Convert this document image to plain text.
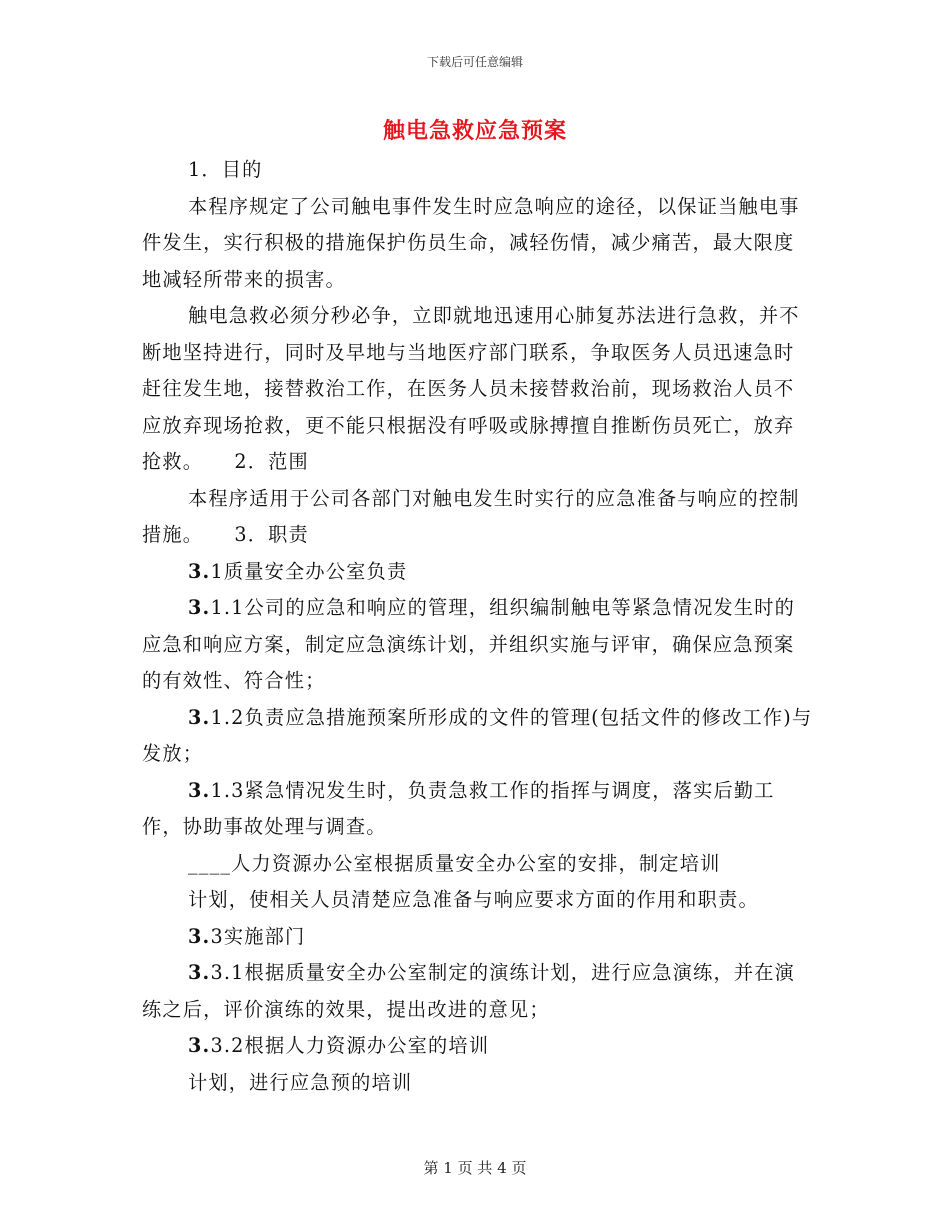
下载后可任意编辑
触电急救应急预案

1．目的

本程序规定了公司触电事件发生时应急响应的途径，以保证当触电事件发生，实行积极的措施保护伤员生命，减轻伤情，减少痛苦，最大限度地减轻所带来的损害。

触电急救必须分秒必争，立即就地迅速用心肺复苏法进行急救，并不断地坚持进行，同时及早地与当地医疗部门联系，争取医务人员迅速急时赶往发生地，接替救治工作，在医务人员未接替救治前，现场救治人员不应放弃现场抢救，更不能只根据没有呼吸或脉搏擅自推断伤员死亡，放弃抢救。　　 2．范围

本程序适用于公司各部门对触电发生时实行的应急准备与响应的控制措施。　　 3．职责

3.1质量安全办公室负责

3.1.1公司的应急和响应的管理，组织编制触电等紧急情况发生时的应急和响应方案，制定应急演练计划，并组织实施与评审，确保应急预案的有效性、符合性；

3.1.2负责应急措施预案所形成的文件的管理(包括文件的修改工作)与发放；

3.1.3紧急情况发生时，负责急救工作的指挥与调度，落实后勤工作，协助事故处理与调查。

____人力资源办公室根据质量安全办公室的安排，制定培训

计划，使相关人员清楚应急准备与响应要求方面的作用和职责。

3.3实施部门

3.3.1根据质量安全办公室制定的演练计划，进行应急演练，并在演练之后，评价演练的效果，提出改进的意见；

3.3.2根据人力资源办公室的培训

计划，进行应急预的培训

第 1 页 共 4 页
